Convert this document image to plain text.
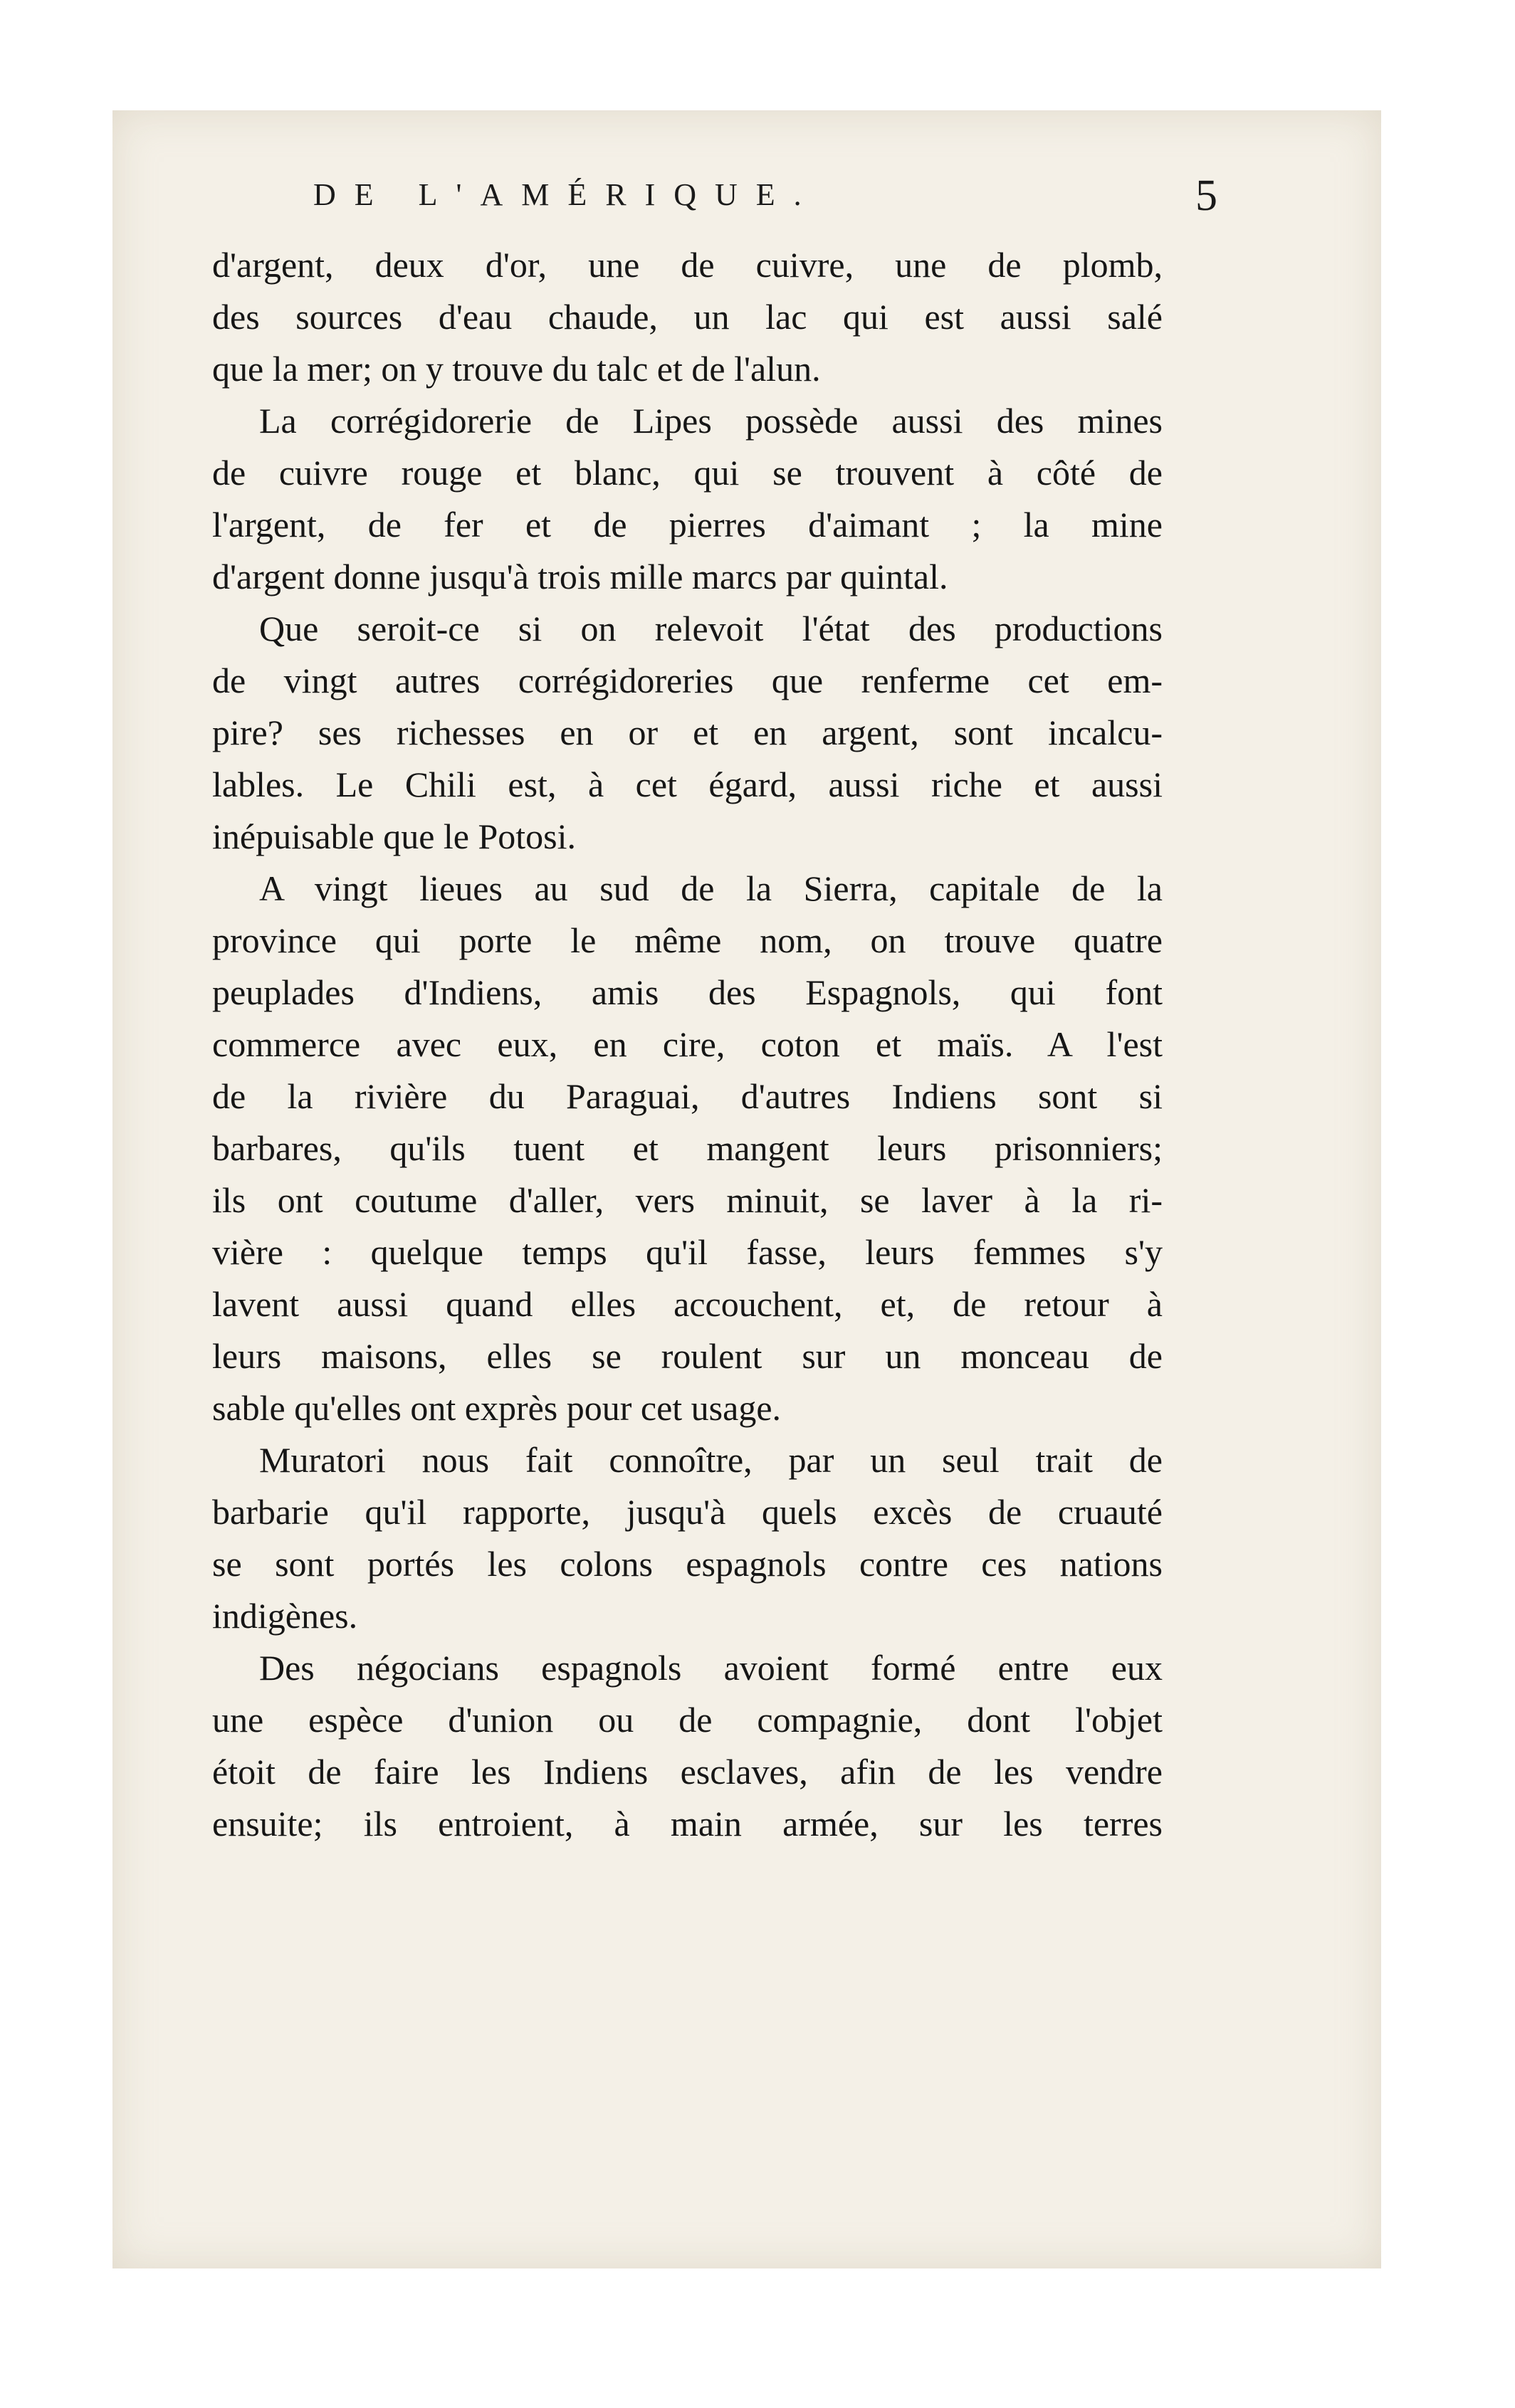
DE L'AMÉRIQUE.	5

d'argent, deux d'or, une de cuivre, une de plomb,
des sources d'eau chaude, un lac qui est aussi salé
que la mer; on y trouve du talc et de l'alun.

La corrégidorerie de Lipes possède aussi des mines
de cuivre rouge et blanc, qui se trouvent à côté de
l'argent, de fer et de pierres d'aimant ; la mine
d'argent donne jusqu'à trois mille marcs par quintal.

Que seroit-ce si on relevoit l'état des productions
de vingt autres corrégidoreries que renferme cet em-
pire? ses richesses en or et en argent, sont incalcu-
lables. Le Chili est, à cet égard, aussi riche et aussi
inépuisable que le Potosi.

A vingt lieues au sud de la Sierra, capitale de la
province qui porte le même nom, on trouve quatre
peuplades d'Indiens, amis des Espagnols, qui font
commerce avec eux, en cire, coton et maïs. A l'est
de la rivière du Paraguai, d'autres Indiens sont si
barbares, qu'ils tuent et mangent leurs prisonniers;
ils ont coutume d'aller, vers minuit, se laver à la ri-
vière : quelque temps qu'il fasse, leurs femmes s'y
lavent aussi quand elles accouchent, et, de retour à
leurs maisons, elles se roulent sur un monceau de
sable qu'elles ont exprès pour cet usage.

Muratori nous fait connoître, par un seul trait de
barbarie qu'il rapporte, jusqu'à quels excès de cruauté
se sont portés les colons espagnols contre ces nations
indigènes.

Des négocians espagnols avoient formé entre eux
une espèce d'union ou de compagnie, dont l'objet
étoit de faire les Indiens esclaves, afin de les vendre
ensuite; ils entroient, à main armée, sur les terres
